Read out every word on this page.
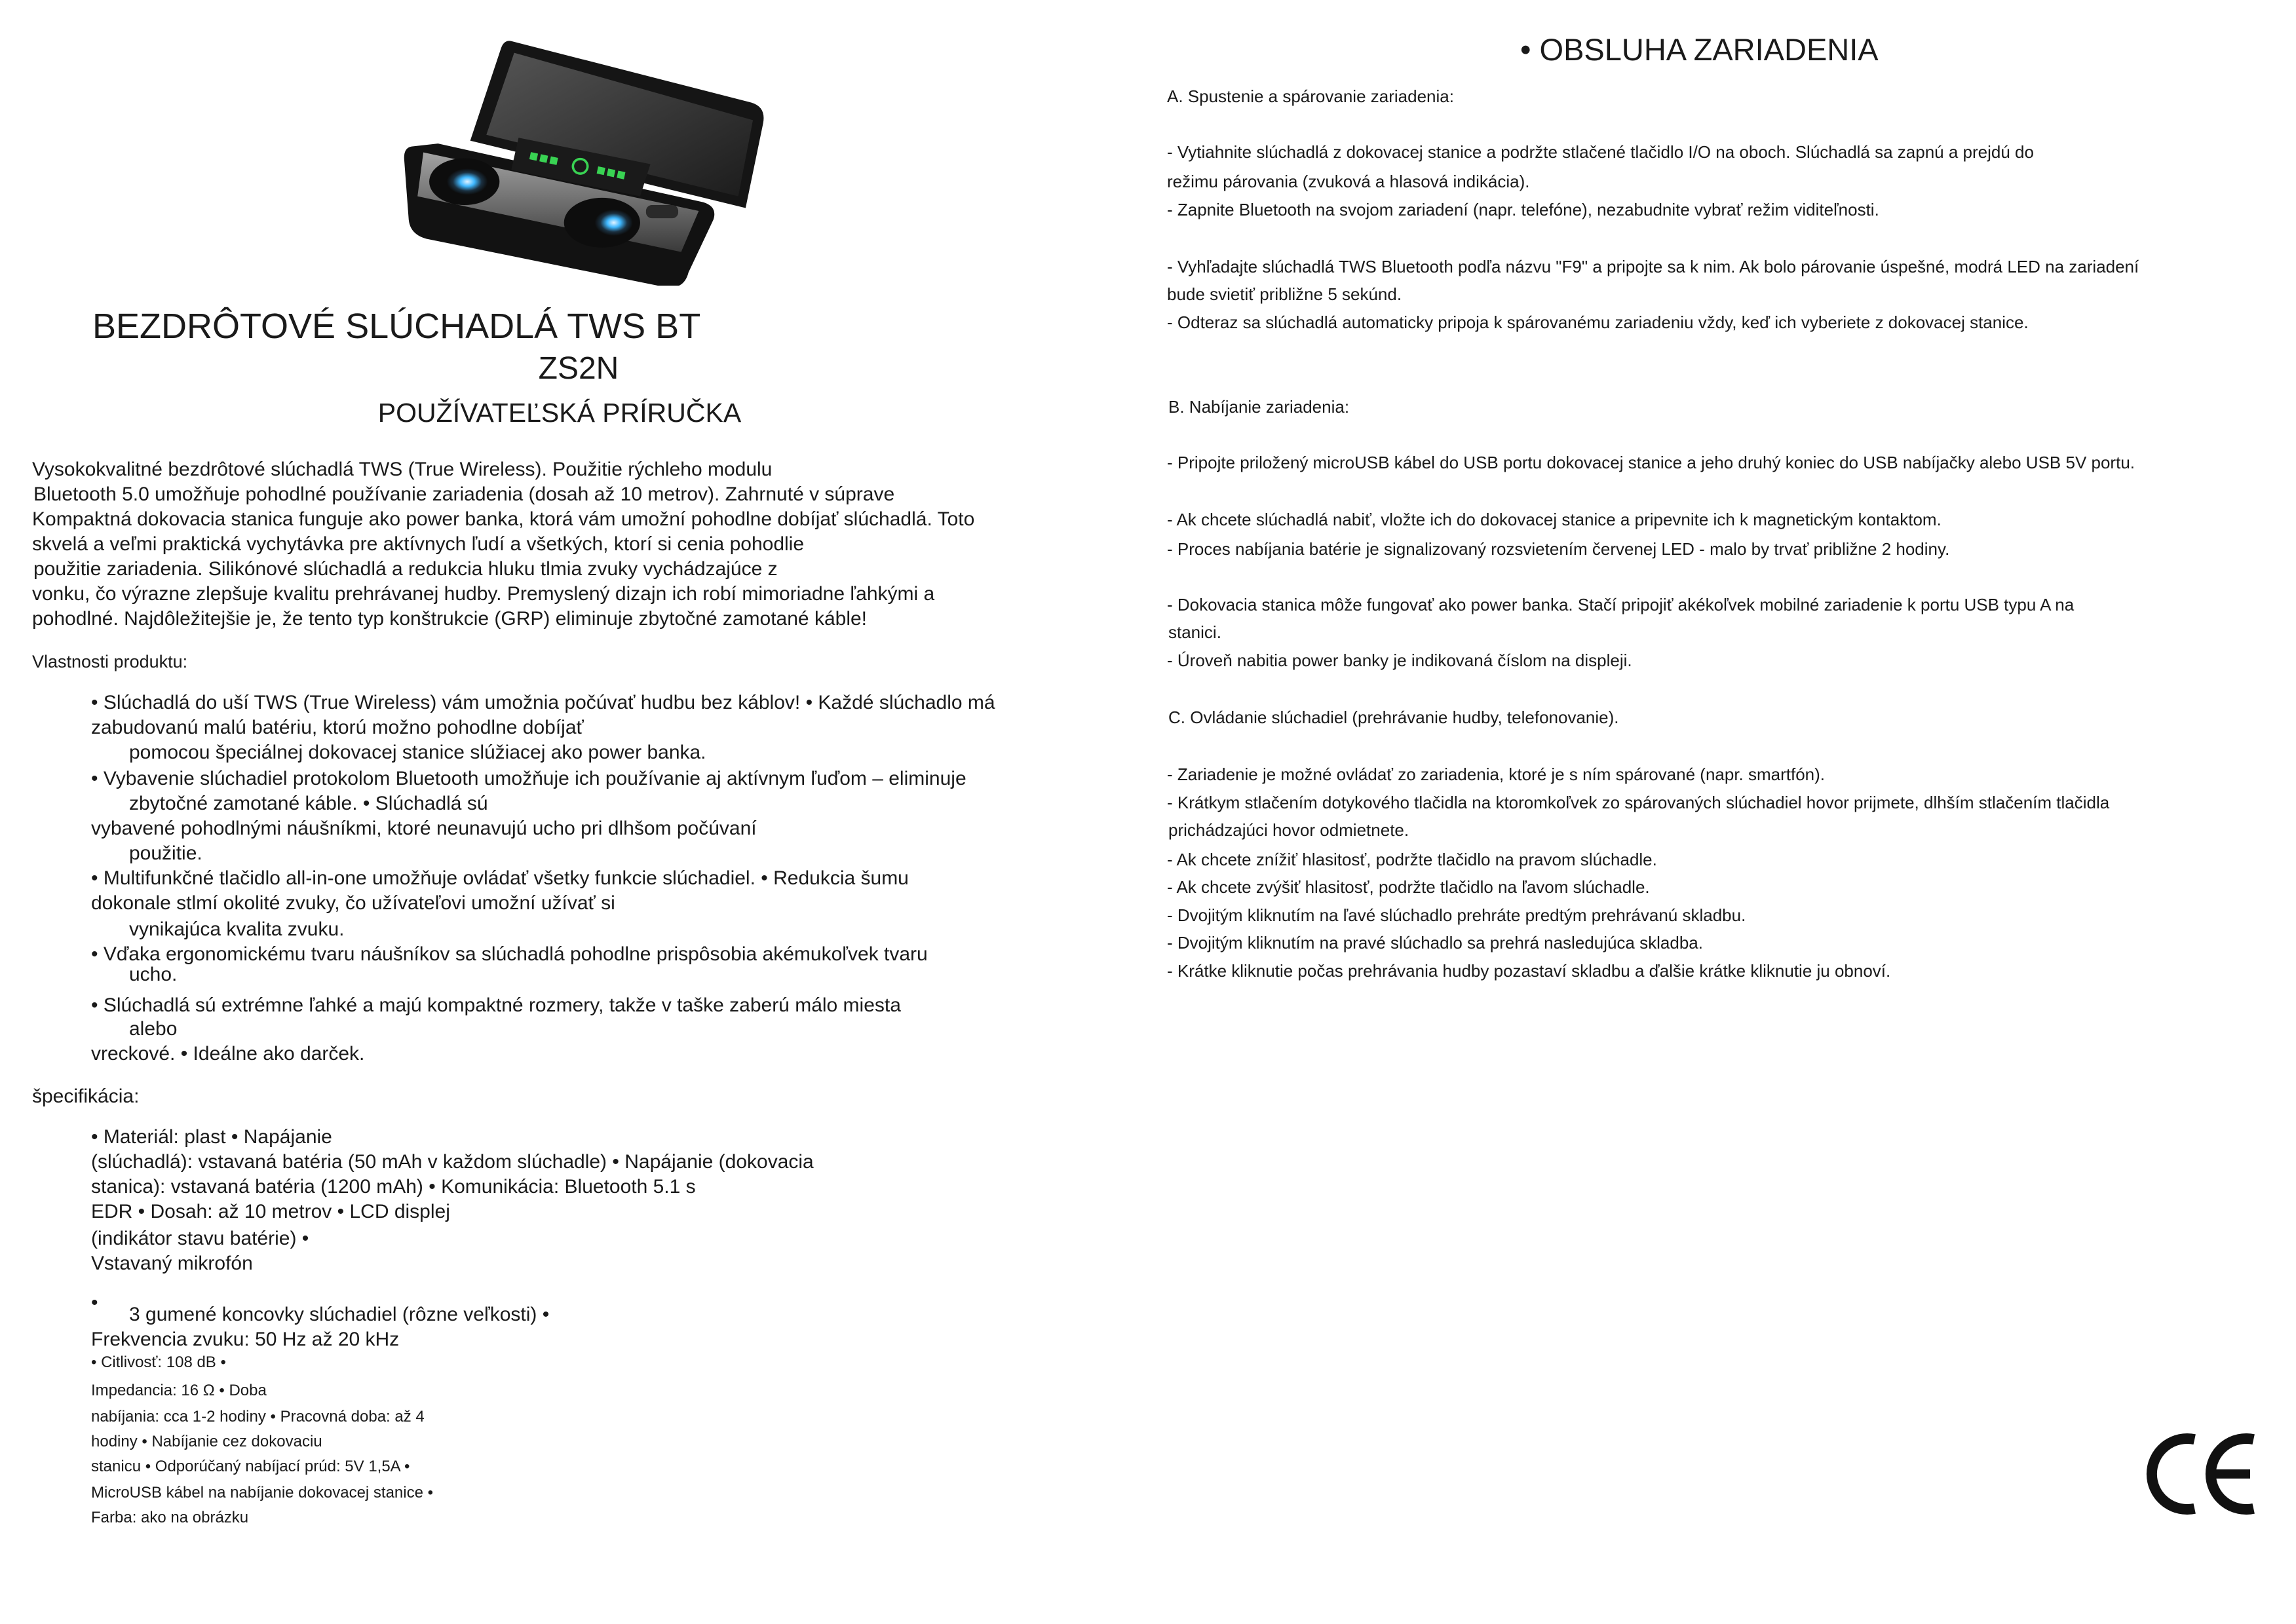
BEZDRÔTOVÉ SLÚCHADLÁ TWS BT
ZS2N
POUŽÍVATEĽSKÁ PRÍRUČKA
Vysokokvalitné bezdrôtové slúchadlá TWS (True Wireless). Použitie rýchleho modulu
Bluetooth 5.0 umožňuje pohodlné používanie zariadenia (dosah až 10 metrov). Zahrnuté v súprave
Kompaktná dokovacia stanica funguje ako power banka, ktorá vám umožní pohodlne dobíjať slúchadlá. Toto
skvelá a veľmi praktická vychytávka pre aktívnych ľudí a všetkých, ktorí si cenia pohodlie
použitie zariadenia. Silikónové slúchadlá a redukcia hluku tlmia zvuky vychádzajúce z
vonku, čo výrazne zlepšuje kvalitu prehrávanej hudby. Premyslený dizajn ich robí mimoriadne ľahkými a
pohodlné. Najdôležitejšie je, že tento typ konštrukcie (GRP) eliminuje zbytočné zamotané káble!
Vlastnosti produktu:
• Slúchadlá do uší TWS (True Wireless) vám umožnia počúvať hudbu bez káblov! • Každé slúchadlo má
zabudovanú malú batériu, ktorú možno pohodlne dobíjať
pomocou špeciálnej dokovacej stanice slúžiacej ako power banka.
• Vybavenie slúchadiel protokolom Bluetooth umožňuje ich používanie aj aktívnym ľuďom – eliminuje
zbytočné zamotané káble. • Slúchadlá sú
vybavené pohodlnými náušníkmi, ktoré neunavujú ucho pri dlhšom počúvaní
použitie.
• Multifunkčné tlačidlo all-in-one umožňuje ovládať všetky funkcie slúchadiel. • Redukcia šumu
dokonale stlmí okolité zvuky, čo užívateľovi umožní užívať si
vynikajúca kvalita zvuku.
• Vďaka ergonomickému tvaru náušníkov sa slúchadlá pohodlne prispôsobia akémukoľvek tvaru
ucho.
• Slúchadlá sú extrémne ľahké a majú kompaktné rozmery, takže v taške zaberú málo miesta
alebo
vreckové. • Ideálne ako darček.
špecifikácia:
• Materiál: plast • Napájanie
(slúchadlá): vstavaná batéria (50 mAh v každom slúchadle) • Napájanie (dokovacia
stanica): vstavaná batéria (1200 mAh) • Komunikácia: Bluetooth 5.1 s
EDR • Dosah: až 10 metrov • LCD displej
(indikátor stavu batérie) •
Vstavaný mikrofón
•
3 gumené koncovky slúchadiel (rôzne veľkosti) •
Frekvencia zvuku: 50 Hz až 20 kHz
• Citlivosť: 108 dB •
Impedancia: 16 Ω • Doba
nabíjania: cca 1-2 hodiny • Pracovná doba: až 4
hodiny • Nabíjanie cez dokovaciu
stanicu • Odporúčaný nabíjací prúd: 5V 1,5A •
MicroUSB kábel na nabíjanie dokovacej stanice •
Farba: ako na obrázku
• OBSLUHA ZARIADENIA
A. Spustenie a spárovanie zariadenia:
- Vytiahnite slúchadlá z dokovacej stanice a podržte stlačené tlačidlo I/O na oboch. Slúchadlá sa zapnú a prejdú do
režimu párovania (zvuková a hlasová indikácia).
- Zapnite Bluetooth na svojom zariadení (napr. telefóne), nezabudnite vybrať režim viditeľnosti.
- Vyhľadajte slúchadlá TWS Bluetooth podľa názvu "F9" a pripojte sa k nim. Ak bolo párovanie úspešné, modrá LED na zariadení
bude svietiť približne 5 sekúnd.
- Odteraz sa slúchadlá automaticky pripoja k spárovanému zariadeniu vždy, keď ich vyberiete z dokovacej stanice.
B. Nabíjanie zariadenia:
- Pripojte priložený microUSB kábel do USB portu dokovacej stanice a jeho druhý koniec do USB nabíjačky alebo USB 5V portu.
- Ak chcete slúchadlá nabiť, vložte ich do dokovacej stanice a pripevnite ich k magnetickým kontaktom.
- Proces nabíjania batérie je signalizovaný rozsvietením červenej LED - malo by trvať približne 2 hodiny.
- Dokovacia stanica môže fungovať ako power banka. Stačí pripojiť akékoľvek mobilné zariadenie k portu USB typu A na
stanici.
- Úroveň nabitia power banky je indikovaná číslom na displeji.
C. Ovládanie slúchadiel (prehrávanie hudby, telefonovanie).
- Zariadenie je možné ovládať zo zariadenia, ktoré je s ním spárované (napr. smartfón).
- Krátkym stlačením dotykového tlačidla na ktoromkoľvek zo spárovaných slúchadiel hovor prijmete, dlhším stlačením tlačidla
prichádzajúci hovor odmietnete.
- Ak chcete znížiť hlasitosť, podržte tlačidlo na pravom slúchadle.
- Ak chcete zvýšiť hlasitosť, podržte tlačidlo na ľavom slúchadle.
- Dvojitým kliknutím na ľavé slúchadlo prehráte predtým prehrávanú skladbu.
- Dvojitým kliknutím na pravé slúchadlo sa prehrá nasledujúca skladba.
- Krátke kliknutie počas prehrávania hudby pozastaví skladbu a ďalšie krátke kliknutie ju obnoví.
